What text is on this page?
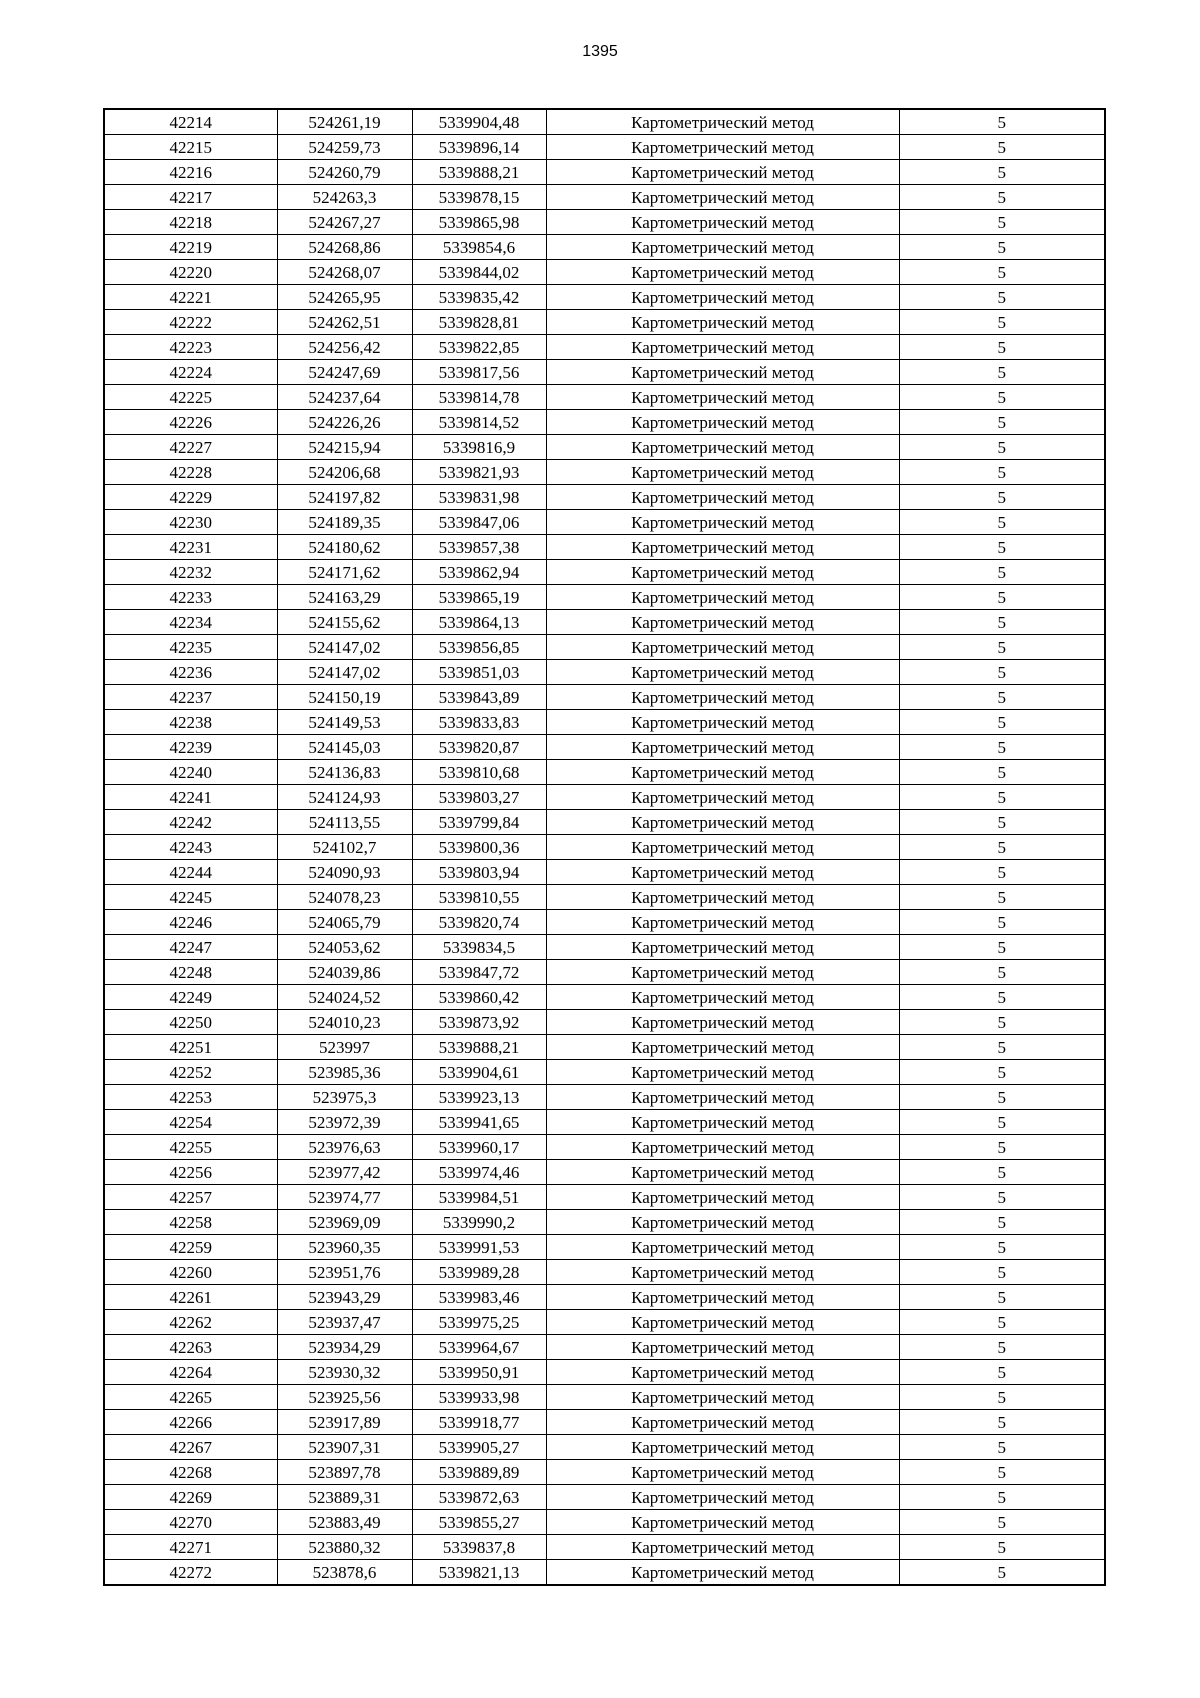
1395
42214	524261,19	5339904,48	Картометрический метод	5
42215	524259,73	5339896,14	Картометрический метод	5
42216	524260,79	5339888,21	Картометрический метод	5
42217	524263,3	5339878,15	Картометрический метод	5
42218	524267,27	5339865,98	Картометрический метод	5
42219	524268,86	5339854,6	Картометрический метод	5
42220	524268,07	5339844,02	Картометрический метод	5
42221	524265,95	5339835,42	Картометрический метод	5
42222	524262,51	5339828,81	Картометрический метод	5
42223	524256,42	5339822,85	Картометрический метод	5
42224	524247,69	5339817,56	Картометрический метод	5
42225	524237,64	5339814,78	Картометрический метод	5
42226	524226,26	5339814,52	Картометрический метод	5
42227	524215,94	5339816,9	Картометрический метод	5
42228	524206,68	5339821,93	Картометрический метод	5
42229	524197,82	5339831,98	Картометрический метод	5
42230	524189,35	5339847,06	Картометрический метод	5
42231	524180,62	5339857,38	Картометрический метод	5
42232	524171,62	5339862,94	Картометрический метод	5
42233	524163,29	5339865,19	Картометрический метод	5
42234	524155,62	5339864,13	Картометрический метод	5
42235	524147,02	5339856,85	Картометрический метод	5
42236	524147,02	5339851,03	Картометрический метод	5
42237	524150,19	5339843,89	Картометрический метод	5
42238	524149,53	5339833,83	Картометрический метод	5
42239	524145,03	5339820,87	Картометрический метод	5
42240	524136,83	5339810,68	Картометрический метод	5
42241	524124,93	5339803,27	Картометрический метод	5
42242	524113,55	5339799,84	Картометрический метод	5
42243	524102,7	5339800,36	Картометрический метод	5
42244	524090,93	5339803,94	Картометрический метод	5
42245	524078,23	5339810,55	Картометрический метод	5
42246	524065,79	5339820,74	Картометрический метод	5
42247	524053,62	5339834,5	Картометрический метод	5
42248	524039,86	5339847,72	Картометрический метод	5
42249	524024,52	5339860,42	Картометрический метод	5
42250	524010,23	5339873,92	Картометрический метод	5
42251	523997	5339888,21	Картометрический метод	5
42252	523985,36	5339904,61	Картометрический метод	5
42253	523975,3	5339923,13	Картометрический метод	5
42254	523972,39	5339941,65	Картометрический метод	5
42255	523976,63	5339960,17	Картометрический метод	5
42256	523977,42	5339974,46	Картометрический метод	5
42257	523974,77	5339984,51	Картометрический метод	5
42258	523969,09	5339990,2	Картометрический метод	5
42259	523960,35	5339991,53	Картометрический метод	5
42260	523951,76	5339989,28	Картометрический метод	5
42261	523943,29	5339983,46	Картометрический метод	5
42262	523937,47	5339975,25	Картометрический метод	5
42263	523934,29	5339964,67	Картометрический метод	5
42264	523930,32	5339950,91	Картометрический метод	5
42265	523925,56	5339933,98	Картометрический метод	5
42266	523917,89	5339918,77	Картометрический метод	5
42267	523907,31	5339905,27	Картометрический метод	5
42268	523897,78	5339889,89	Картометрический метод	5
42269	523889,31	5339872,63	Картометрический метод	5
42270	523883,49	5339855,27	Картометрический метод	5
42271	523880,32	5339837,8	Картометрический метод	5
42272	523878,6	5339821,13	Картометрический метод	5
